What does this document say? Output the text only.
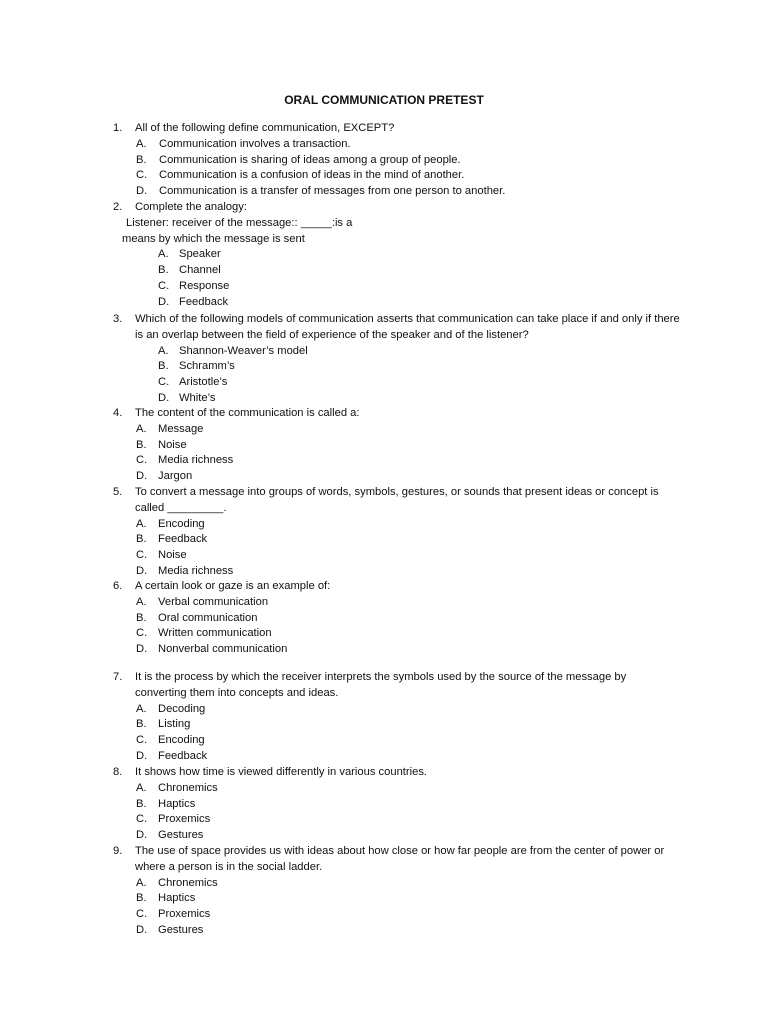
ORAL COMMUNICATION PRETEST
1. All of the following define communication, EXCEPT?
A. Communication involves a transaction.
B. Communication is sharing of ideas among a group of people.
C. Communication is a confusion of ideas in the mind of another.
D. Communication is a transfer of messages from one person to another.
2. Complete the analogy:
Listener: receiver of the message:: _____:is a
means by which the message is sent
A. Speaker
B. Channel
C. Response
D. Feedback
3. Which of the following models of communication asserts that communication can take place if and only if there is an overlap between the field of experience of the speaker and of the listener?
A. Shannon-Weaver’s model
B. Schramm’s
C. Aristotle’s
D. White’s
4. The content of the communication is called a:
A. Message
B. Noise
C. Media richness
D. Jargon
5. To convert a message into groups of words, symbols, gestures, or sounds that present ideas or concept is called _________.
A. Encoding
B. Feedback
C. Noise
D. Media richness
6. A certain look or gaze is an example of:
A. Verbal communication
B. Oral communication
C. Written communication
D. Nonverbal communication
7. It is the process by which the receiver interprets the symbols used by the source of the message by converting them into concepts and ideas.
A. Decoding
B. Listing
C. Encoding
D. Feedback
8. It shows how time is viewed differently in various countries.
A. Chronemics
B. Haptics
C. Proxemics
D. Gestures
9. The use of space provides us with ideas about how close or how far people are from the center of power or where a person is in the social ladder.
A. Chronemics
B. Haptics
C. Proxemics
D. Gestures
